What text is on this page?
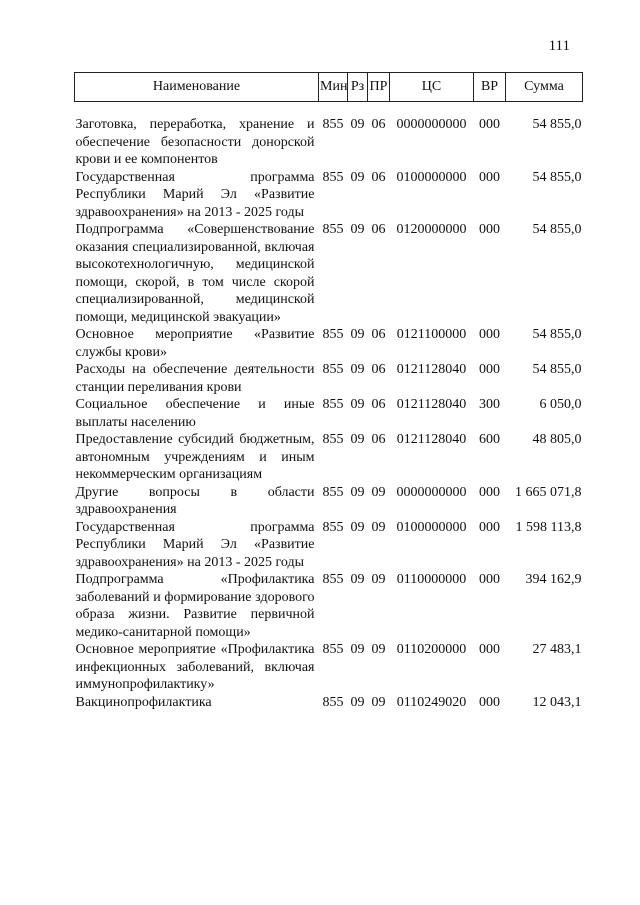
111
Наименование	Мин	Рз	ПР	ЦС	ВР	Сумма

Заготовка, переработка, хранение и обеспечение безопасности донорской крови и ее компонентов	855	09	06	0000000000	000	54 855,0
Государственная программа Республики Марий Эл «Развитие здравоохранения» на 2013 - 2025 годы	855	09	06	0100000000	000	54 855,0
Подпрограмма «Совершенствование оказания специализированной, включая высокотехнологичную, медицинской помощи, скорой, в том числе скорой специализированной, медицинской помощи, медицинской эвакуации»	855	09	06	0120000000	000	54 855,0
Основное мероприятие «Развитие службы крови»	855	09	06	0121100000	000	54 855,0
Расходы на обеспечение деятельности станции переливания крови	855	09	06	0121128040	000	54 855,0
Социальное обеспечение и иные выплаты населению	855	09	06	0121128040	300	6 050,0
Предоставление субсидий бюджетным, автономным учреждениям и иным некоммерческим организациям	855	09	06	0121128040	600	48 805,0
Другие вопросы в области здравоохранения	855	09	09	0000000000	000	1 665 071,8
Государственная программа Республики Марий Эл «Развитие здравоохранения» на 2013 - 2025 годы	855	09	09	0100000000	000	1 598 113,8
Подпрограмма «Профилактика заболеваний и формирование здорового образа жизни. Развитие первичной медико-санитарной помощи»	855	09	09	0110000000	000	394 162,9
Основное мероприятие «Профилактика инфекционных заболеваний, включая иммунопрофилактику»	855	09	09	0110200000	000	27 483,1
Вакцинопрофилактика	855	09	09	0110249020	000	12 043,1
